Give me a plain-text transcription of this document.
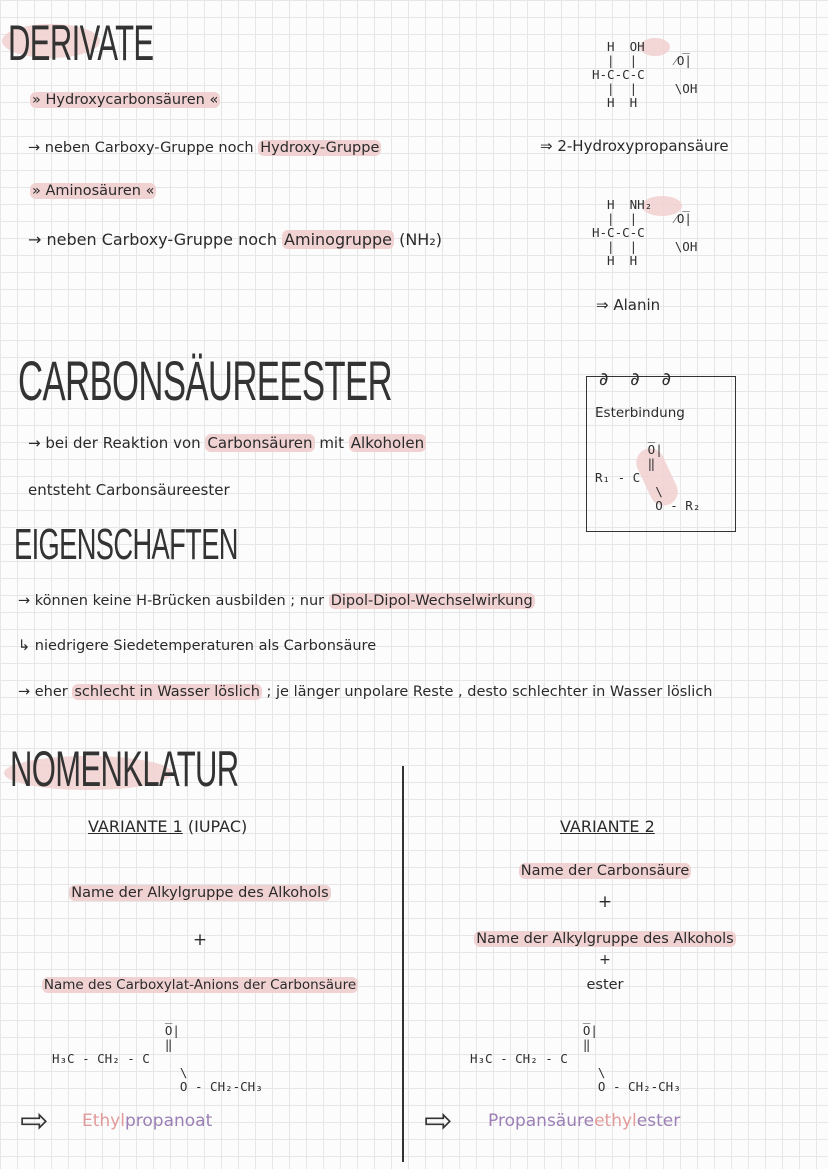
DERIVATE
» Hydroxycarbonsäuren «
→ neben Carboxy-Gruppe noch Hydroxy-Gruppe
» Aminosäuren «
→ neben Carboxy-Gruppe noch Aminogruppe (NH₂)
H  OH     _
|  |     ⁄O|
H-C-C-C
|  |     \OH
H  H
⇒ 2-Hydroxypropansäure
H  NH₂    _
|  |     ⁄O|
H-C-C-C
|  |     \OH
H  H
⇒ Alanin
CARBONSÄUREESTER
→ bei der Reaktion von Carbonsäuren mit Alkoholen
entsteht Carbonsäureester
∂∂∂
Esterbindung
_
O|
‖
R₁ - C
\
O - R₂
EIGENSCHAFTEN
→ können keine H-Brücken ausbilden ; nur Dipol-Dipol-Wechselwirkung
↳ niedrigere Siedetemperaturen als Carbonsäure
→ eher schlecht in Wasser löslich ; je länger unpolare Reste , desto schlechter in Wasser löslich
NOMENKLATUR
VARIANTE 1 (IUPAC)
Name der Alkylgruppe des Alkohols
+
Name des Carboxylat-Anions der Carbonsäure
_
O|
‖
H₃C - CH₂ - C
\
O - CH₂-CH₃
⇨ Ethylpropanoat
VARIANTE 2
Name der Carbonsäure
+
Name der Alkylgruppe des Alkohols
+
ester
_
O|
‖
H₃C - CH₂ - C
\
O - CH₂-CH₃
⇨ Propansäureethylester
